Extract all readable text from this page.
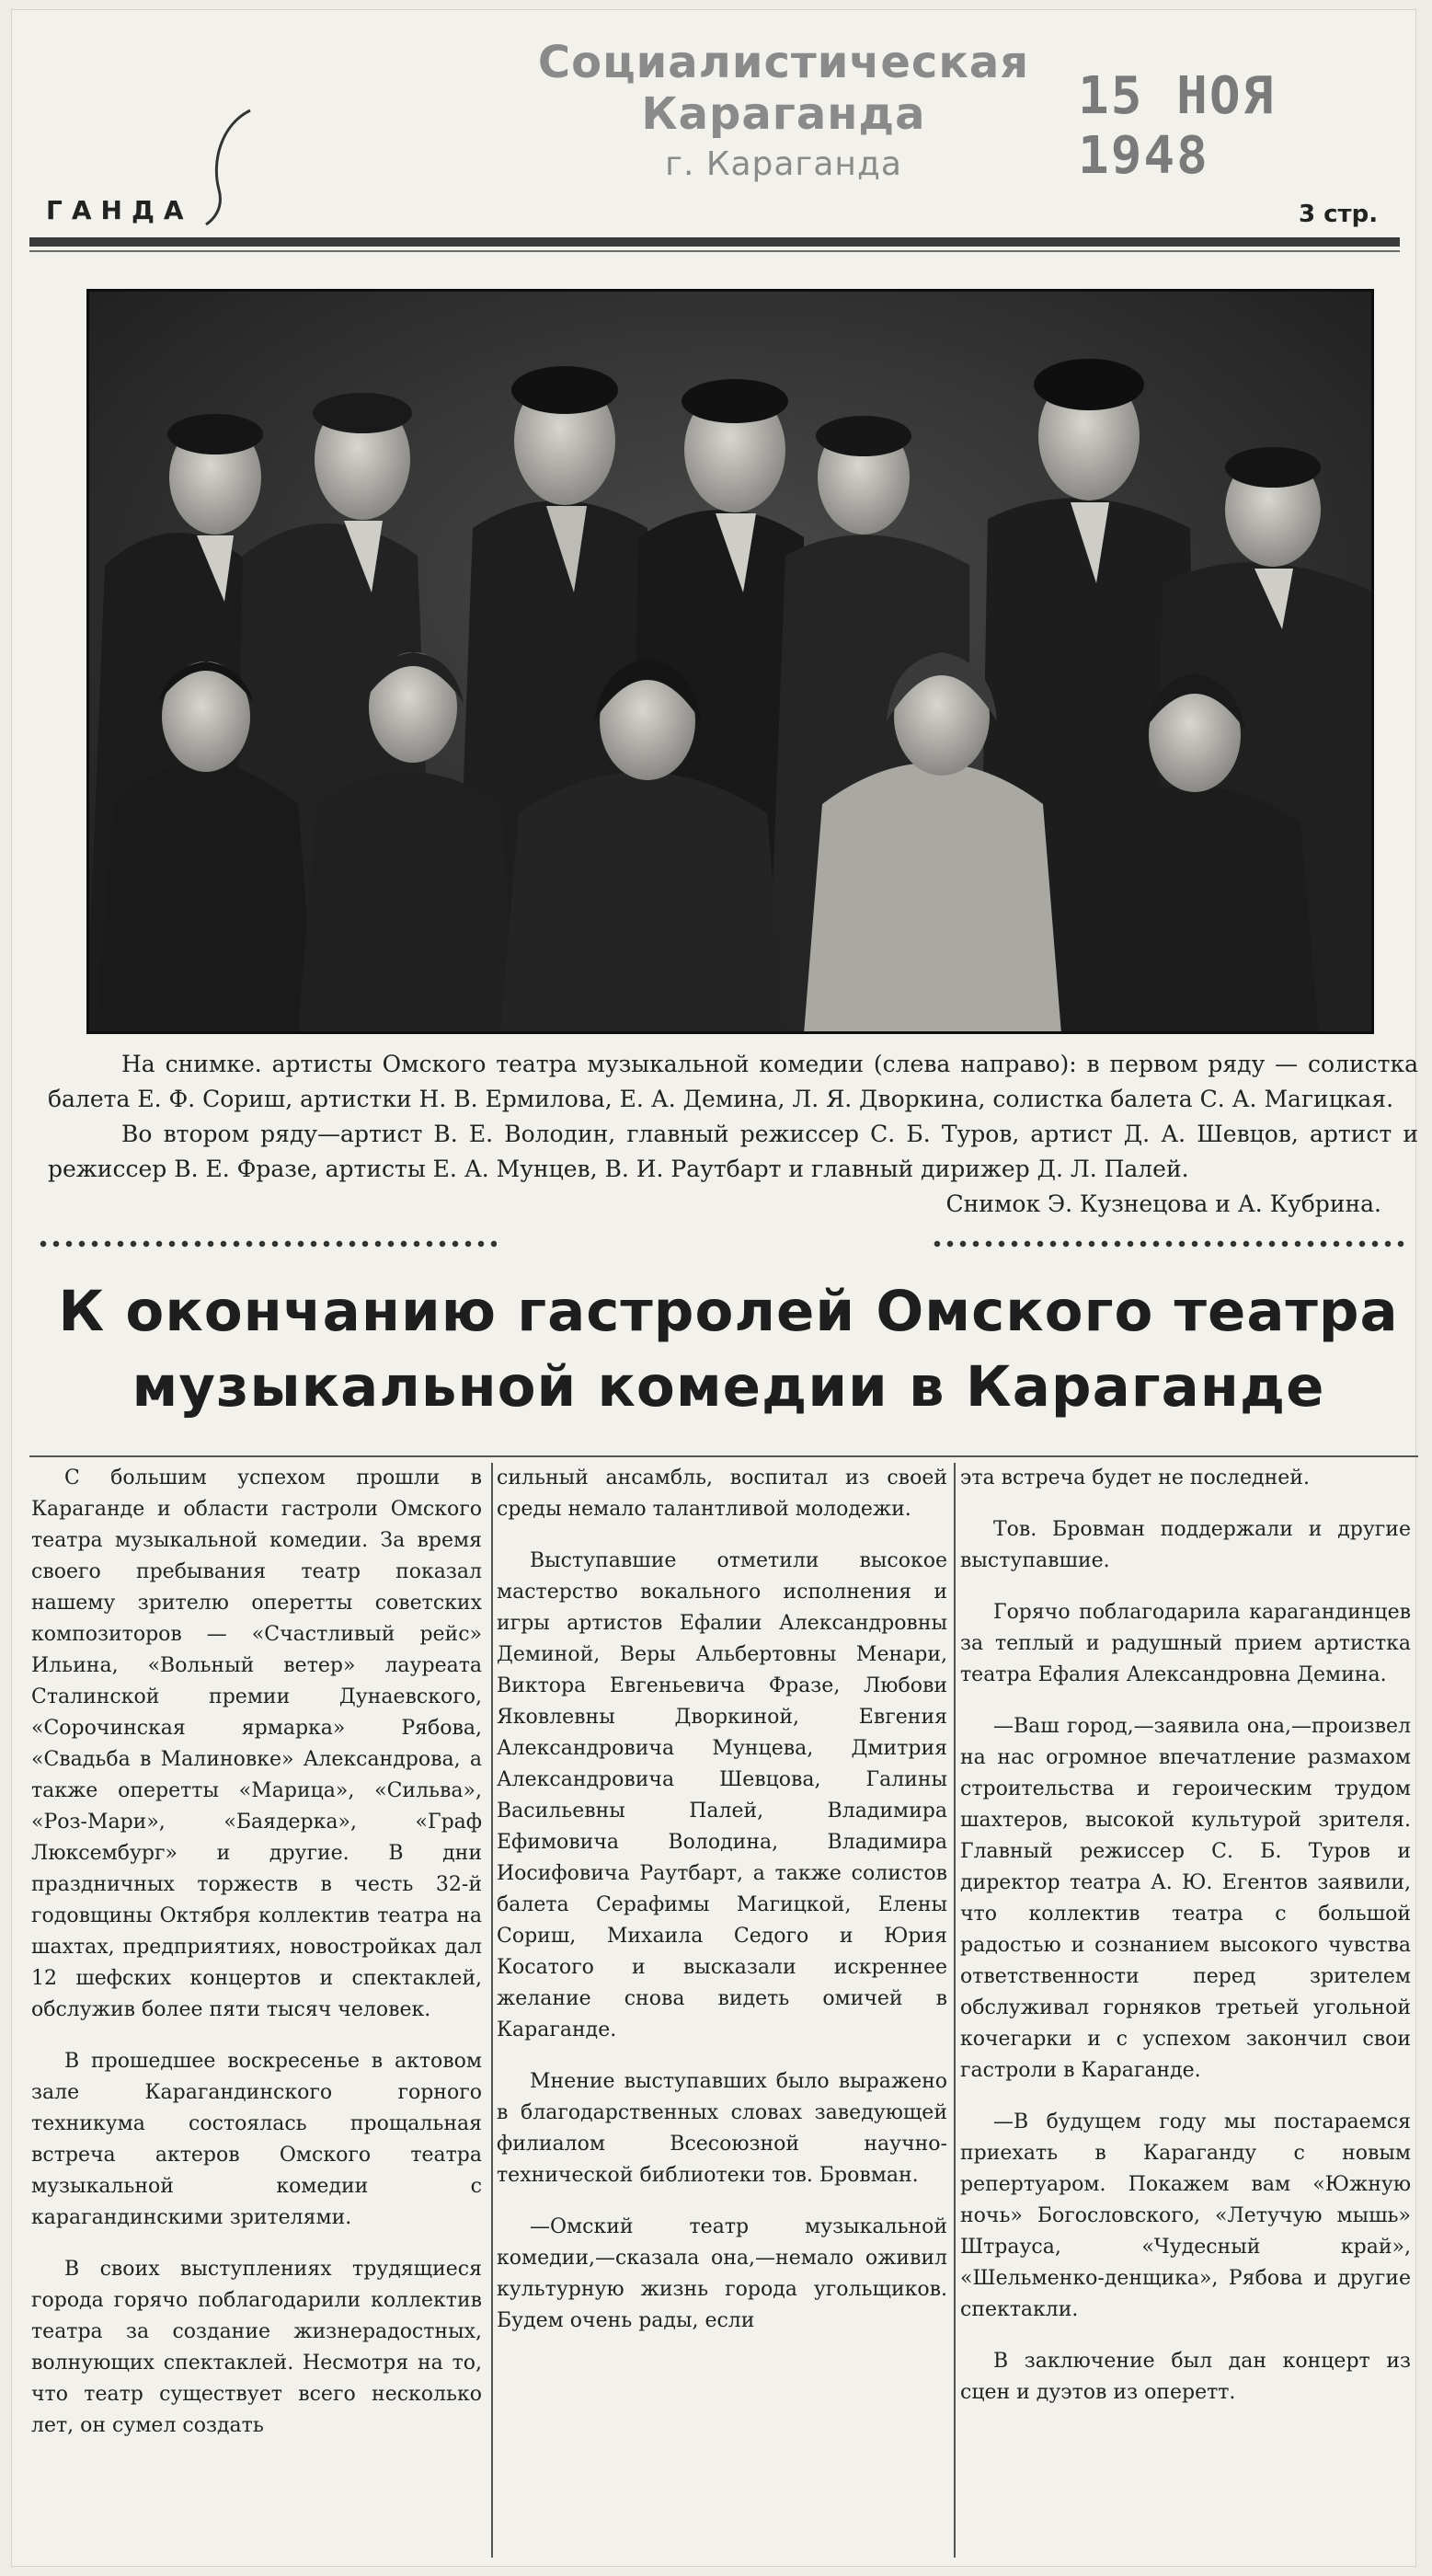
Социалистическая Караганда
г. Караганда
15 НОЯ 1948
ГАНДА	3 стр.

На снимке. артисты Омского театра музыкальной комедии (слева направо): в первом ряду — солистка балета Е. Ф. Сориш, артистки Н. В. Ермилова, Е. А. Демина, Л. Я. Дворкина, солистка балета С. А. Магицкая.

Во втором ряду—артист В. Е. Володин, главный режиссер С. Б. Туров, артист Д. А. Шевцов, артист и режиссер В. Е. Фразе, артисты Е. А. Мунцев, В. И. Раутбарт и главный дирижер Д. Л. Палей.

Снимок Э. Кузнецова и А. Кубрина.

К окончанию гастролей Омского театра
музыкальной комедии в Караганде

С большим успехом прошли в Караганде и области гастроли Омского театра музыкальной комедии. За время своего пребывания театр показал нашему зрителю оперетты советских композиторов — «Счастливый рейс» Ильина, «Вольный ветер» лауреата Сталинской премии Дунаевского, «Сорочинская ярмарка» Рябова, «Свадьба в Малиновке» Александрова, а также оперетты «Марица», «Сильва», «Роз-Мари», «Баядерка», «Граф Люксембург» и другие. В дни праздничных торжеств в честь 32-й годовщины Октября коллектив театра на шахтах, предприятиях, новостройках дал 12 шефских концертов и спектаклей, обслужив более пяти тысяч человек.

В прошедшее воскресенье в актовом зале Карагандинского горного техникума состоялась прощальная встреча актеров Омского театра музыкальной комедии с карагандинскими зрителями.

В своих выступлениях трудящиеся города горячо поблагодарили коллектив театра за создание жизнерадостных, волнующих спектаклей. Несмотря на то, что театр существует всего несколько лет, он сумел создать

сильный ансамбль, воспитал из своей среды немало талантливой молодежи.

Выступавшие отметили высокое мастерство вокального исполнения и игры артистов Ефалии Александровны Деминой, Веры Альбертовны Менари, Виктора Евгеньевича Фразе, Любови Яковлевны Дворкиной, Евгения Александровича Мунцева, Дмитрия Александровича Шевцова, Галины Васильевны Палей, Владимира Ефимовича Володина, Владимира Иосифовича Раутбарт, а также солистов балета Серафимы Магицкой, Елены Сориш, Михаила Седого и Юрия Косатого и высказали искреннее желание снова видеть омичей в Караганде.

Мнение выступавших было выражено в благодарственных словах заведующей филиалом Всесоюзной научно-технической библиотеки тов. Бровман.

—Омский театр музыкальной комедии,—сказала она,—немало оживил культурную жизнь города угольщиков. Будем очень рады, если

эта встреча будет не последней.

Тов. Бровман поддержали и другие выступавшие.

Горячо поблагодарила карагандинцев за теплый и радушный прием артистка театра Ефалия Александровна Демина.

—Ваш город,—заявила она,—произвел на нас огромное впечатление размахом строительства и героическим трудом шахтеров, высокой культурой зрителя. Главный режиссер С. Б. Туров и директор театра А. Ю. Егентов заявили, что коллектив театра с большой радостью и сознанием высокого чувства ответственности перед зрителем обслуживал горняков третьей угольной кочегарки и с успехом закончил свои гастроли в Караганде.

—В будущем году мы постараемся приехать в Караганду с новым репертуаром. Покажем вам «Южную ночь» Богословского, «Летучую мышь» Штрауса, «Чудесный край», «Шельменко-денщика», Рябова и другие спектакли.

В заключение был дан концерт из сцен и дуэтов из оперетт.
